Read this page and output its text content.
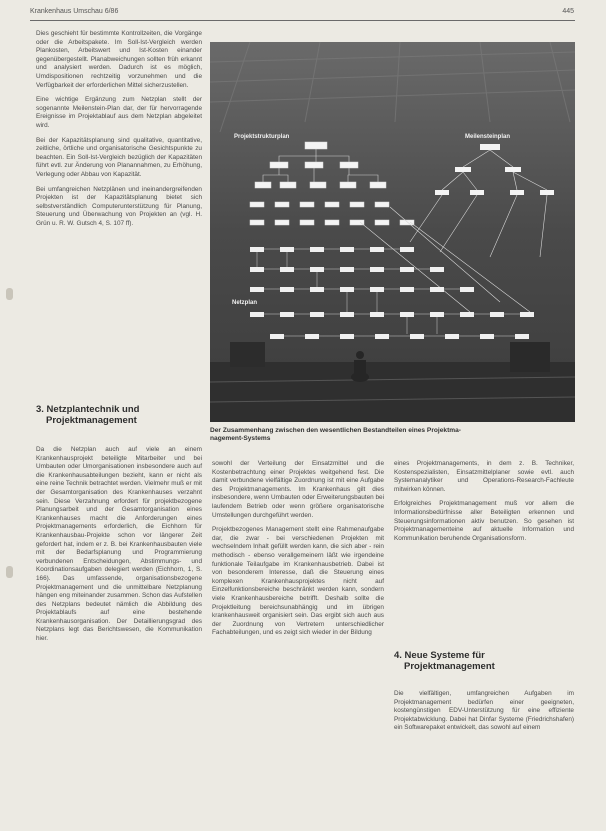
Krankenhaus Umschau 6/86	445

Dies geschieht für bestimmte Kontrollzeiten, die Vorgänge oder die Arbeitspakete. Im Soll-Ist-Vergleich werden Plankosten, Arbeitswert und Ist-Kosten einander gegenübergestellt. Planabweichungen sollten früh erkannt und analysiert werden. Dadurch ist es möglich, Umdispositionen rechtzeitig vorzunehmen und die Verfügbarkeit der erforderlichen Mittel sicherzustellen.

Eine wichtige Ergänzung zum Netzplan stellt der sogenannte Meilenstein-Plan dar, der für hervorragende Ereignisse im Projektablauf aus dem Netzplan abgeleitet wird.

Bei der Kapazitätsplanung sind qualitative, quantitative, zeitliche, örtliche und organisatorische Gesichtspunkte zu beachten. Ein Soll-Ist-Vergleich bezüglich der Kapazitäten führt evtl. zur Änderung von Planannahmen, zu Erhöhung, Verlegung oder Abbau von Kapazität.

Bei umfangreichen Netzplänen und ineinandergreifenden Projekten ist der Kapazitätsplanung bietet sich selbstverständlich Computerunterstützung für Planung, Steuerung und Überwachung von Projekten an (vgl. H. Grün u. R. W. Gutsch 4, S. 107 ff).

3. Netzplantechnik und
Projektmanagement

Da die Netzplan auch auf viele an einem Krankenhausprojekt beteiligte Mitarbeiter und bei Umbauten oder Umorganisationen insbesondere auch auf die Krankenhausabteilungen bezieht, kann er nicht als eine reine Technik betrachtet werden. Vielmehr muß er mit der Gesamtorganisation des Krankenhauses verzahnt sein. Diese Verzahnung erfordert für projektbezogene Planungsarbeit und der Gesamtorganisation eines Krankenhauses macht die Anforderungen eines Projektmanagements erforderlich, die Eichhorn für Krankenhausbau-Projekte schon vor längerer Zeit gefordert hat, indem er z. B. bei Krankenhausbauten viele mit der Bedarfsplanung und Programmierung verbundenen Entscheidungen, Abstimmungs- und Koordinationsaufgaben delegiert werden (Eichhorn, 1, S. 166). Das umfassende, organisationsbezogene Projektmanagement und die unmittelbare Netzplanung hängen eng miteinander zusammen. Schon das Aufstellen des Netzplans bedeutet nämlich die Abbildung des Projektablaufs auf eine bestehende Krankenhausorganisation. Der Detaillierungsgrad des Netzplans legt das Berichtswesen, die Kommunikation hier.

Projektstrukturplan	Meilensteinplan
Netzplan
Der Zusammenhang zwischen den wesentlichen Bestandteilen eines Projektma-
nagement-Systems

sowohl der Verteilung der Einsatzmittel und die Kostenbetrachtung einer Projektes weitgehend fest. Die damit verbundene vielfältige Zuordnung ist mit eine Aufgabe des Projektmanagements. Im Krankenhaus gilt dies insbesondere, wenn Umbauten oder Erweiterungsbauten bei laufendem Betrieb oder wenn größere organisatorische Umstellungen durchgeführt werden.

Projektbezogenes Management stellt eine Rahmenaufgabe dar, die zwar - bei verschiedenen Projekten mit wechselndem Inhalt gefüllt werden kann, die sich aber - rein methodisch - ebenso verallgemeinern läßt wie irgendeine funktionale Teilaufgabe im Krankenhausbetrieb. Dabei ist von besonderem Interesse, daß die Steuerung eines komplexen Krankenhausprojektes nicht auf Einzelfunktionsbereiche beschränkt werden kann, sondern viele Krankenhausbereiche betrifft. Deshalb sollte die Projektleitung bereichsunabhängig und im übrigen krankenhausweit organisiert sein. Das ergibt sich auch aus der Zuordnung von Vertretern unterschiedlicher Fachabteilungen, und es zeigt sich wieder in der Bildung

eines Projektmanagements, in dem z. B. Techniker, Kostenspezialisten, Einsatzmittelplaner sowie evtl. auch Systemanalytiker und Operations-Research-Fachleute mitwirken können.

Erfolgreiches Projektmanagement muß vor allem die Informationsbedürfnisse aller Beteiligten erkennen und Steuerungsinformationen aktiv benutzen. So gesehen ist Projektmanagementeine auf aktuelle Information und Kommunikation beruhende Organisationsform.

4. Neue Systeme für
Projektmanagement

Die vielfältigen, umfangreichen Aufgaben im Projektmanagement bedürfen einer geeigneten, kostengünstigen EDV-Unterstützung für eine effiziente Projektabwicklung. Dabei hat Dinfar Systeme (Friedrichshafen) ein Softwarepaket entwickelt, das sowohl auf einem
